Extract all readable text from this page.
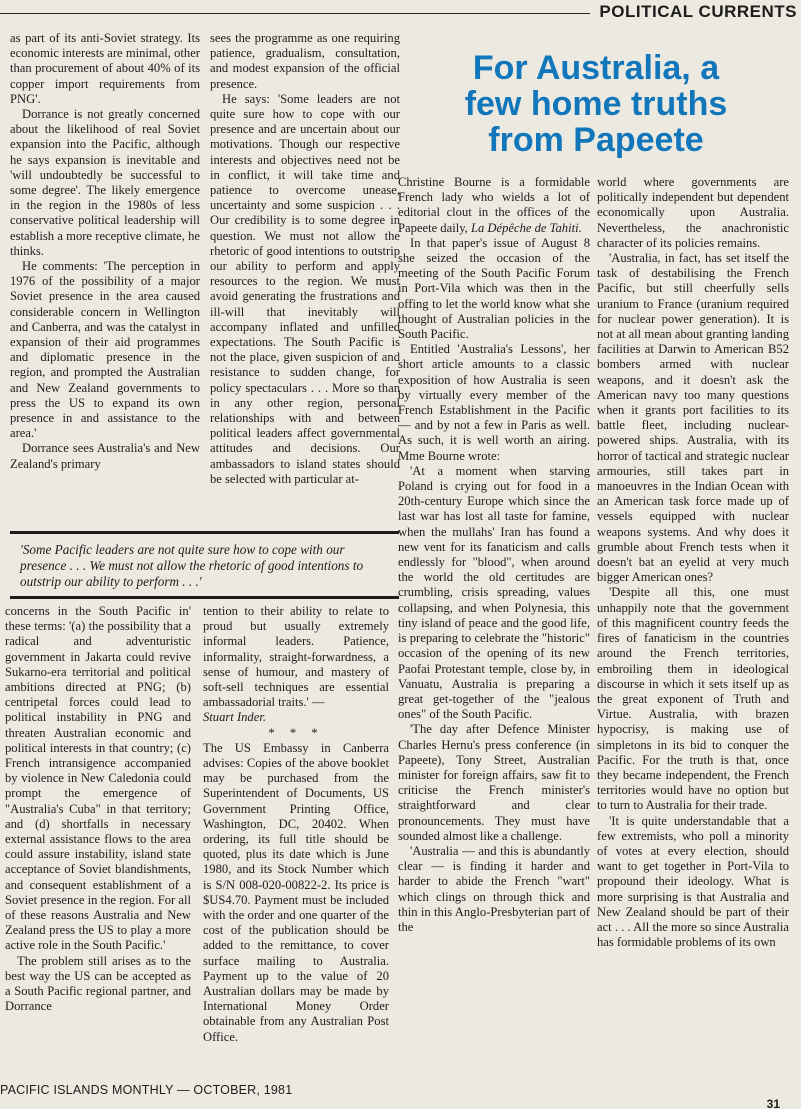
POLITICAL CURRENTS

as part of its anti-Soviet strategy. Its economic interests are minimal, other than procurement of about 40% of its copper import requirements from PNG'.

Dorrance is not greatly concerned about the likelihood of real Soviet expansion into the Pacific, although he says expansion is inevitable and 'will undoubtedly be successful to some degree'. The likely emergence in the region in the 1980s of less conservative political leadership will establish a more receptive climate, he thinks.

He comments: 'The perception in 1976 of the possibility of a major Soviet presence in the area caused considerable concern in Wellington and Canberra, and was the catalyst in expansion of their aid programmes and diplomatic presence in the region, and prompted the Australian and New Zealand governments to press the US to expand its own presence in and assistance to the area.'

Dorrance sees Australia's and New Zealand's primary

sees the programme as one requiring patience, gradualism, consultation, and modest expansion of the official presence.

He says: 'Some leaders are not quite sure how to cope with our presence and are uncertain about our motivations. Though our respective interests and objectives need not be in conflict, it will take time and patience to overcome unease, uncertainty and some suspicion . . . Our credibility is to some degree in question. We must not allow the rhetoric of good intentions to outstrip our ability to perform and apply resources to the region. We must avoid generating the frustrations and ill-will that inevitably will accompany inflated and unfilled expectations. The South Pacific is not the place, given suspicion of and resistance to sudden change, for policy spectaculars . . . More so than in any other region, personal relationships with and between political leaders affect governmental attitudes and decisions. Our ambassadors to island states should be selected with particular at-

'Some Pacific leaders are not quite sure how to cope with our presence . . . We must not allow the rhetoric of good intentions to outstrip our ability to perform . . .'

concerns in the South Pacific in' these terms: '(a) the possibility that a radical and adventuristic government in Jakarta could revive Sukarno-era territorial and political ambitions directed at PNG; (b) centripetal forces could lead to political instability in PNG and threaten Australian economic and political interests in that country; (c) French intransigence accompanied by violence in New Caledonia could prompt the emergence of "Australia's Cuba" in that territory; and (d) shortfalls in necessary external assistance flows to the area could assure instability, island state acceptance of Soviet blandishments, and consequent establishment of a Soviet presence in the region. For all of these reasons Australia and New Zealand press the US to play a more active role in the South Pacific.'

The problem still arises as to the best way the US can be accepted as a South Pacific regional partner, and Dorrance

tention to their ability to relate to proud but usually extremely informal leaders. Patience, informality, straight-forwardness, a sense of humour, and mastery of soft-sell techniques are essential ambassadorial traits.' —

Stuart Inder.

* * *

The US Embassy in Canberra advises: Copies of the above booklet may be purchased from the Superintendent of Documents, US Government Printing Office, Washington, DC, 20402. When ordering, its full title should be quoted, plus its date which is June 1980, and its Stock Number which is S/N 008-020-00822-2. Its price is $US4.70. Payment must be included with the order and one quarter of the cost of the publication should be added to the remittance, to cover surface mailing to Australia. Payment up to the value of 20 Australian dollars may be made by International Money Order obtainable from any Australian Post Office.

For Australia, a
few home truths
from Papeete

Christine Bourne is a formidable French lady who wields a lot of editorial clout in the offices of the Papeete daily, La Dépêche de Tahiti.

In that paper's issue of August 8 she seized the occasion of the meeting of the South Pacific Forum in Port-Vila which was then in the offing to let the world know what she thought of Australian policies in the South Pacific.

Entitled 'Australia's Lessons', her short article amounts to a classic exposition of how Australia is seen by virtually every member of the French Establishment in the Pacific — and by not a few in Paris as well. As such, it is well worth an airing. Mme Bourne wrote:

'At a moment when starving Poland is crying out for food in a 20th-century Europe which since the last war has lost all taste for famine, when the mullahs' Iran has found a new vent for its fanaticism and calls endlessly for "blood", when around the world the old certitudes are crumbling, crisis spreading, values collapsing, and when Polynesia, this tiny island of peace and the good life, is preparing to celebrate the "historic" occasion of the opening of its new Paofai Protestant temple, close by, in Vanuatu, Australia is preparing a great get-together of the "jealous ones" of the South Pacific.

'The day after Defence Minister Charles Hernu's press conference (in Papeete), Tony Street, Australian minister for foreign affairs, saw fit to criticise the French minister's straightforward and clear pronouncements. They must have sounded almost like a challenge.

'Australia — and this is abundantly clear — is finding it harder and harder to abide the French "wart" which clings on through thick and thin in this Anglo-Presbyterian part of the

world where governments are politically independent but dependent economically upon Australia. Nevertheless, the anachronistic character of its policies remains.

'Australia, in fact, has set itself the task of destabilising the French Pacific, but still cheerfully sells uranium to France (uranium required for nuclear power generation). It is not at all mean about granting landing facilities at Darwin to American B52 bombers armed with nuclear weapons, and it doesn't ask the American navy too many questions when it grants port facilities to its battle fleet, including nuclear-powered ships. Australia, with its horror of tactical and strategic nuclear armouries, still takes part in manoeuvres in the Indian Ocean with an American task force made up of vessels equipped with nuclear weapons systems. And why does it grumble about French tests when it doesn't bat an eyelid at very much bigger American ones?

'Despite all this, one must unhappily note that the government of this magnificent country feeds the fires of fanaticism in the countries around the French territories, embroiling them in ideological discourse in which it sets itself up as the great exponent of Truth and Virtue. Australia, with brazen hypocrisy, is making use of simpletons in its bid to conquer the Pacific. For the truth is that, once they became independent, the French territories would have no option but to turn to Australia for their trade.

'It is quite understandable that a few extremists, who poll a minority of votes at every election, should want to get together in Port-Vila to propound their ideology. What is more surprising is that Australia and New Zealand should be part of their act . . . All the more so since Australia has formidable problems of its own

PACIFIC ISLANDS MONTHLY — OCTOBER, 1981
31
